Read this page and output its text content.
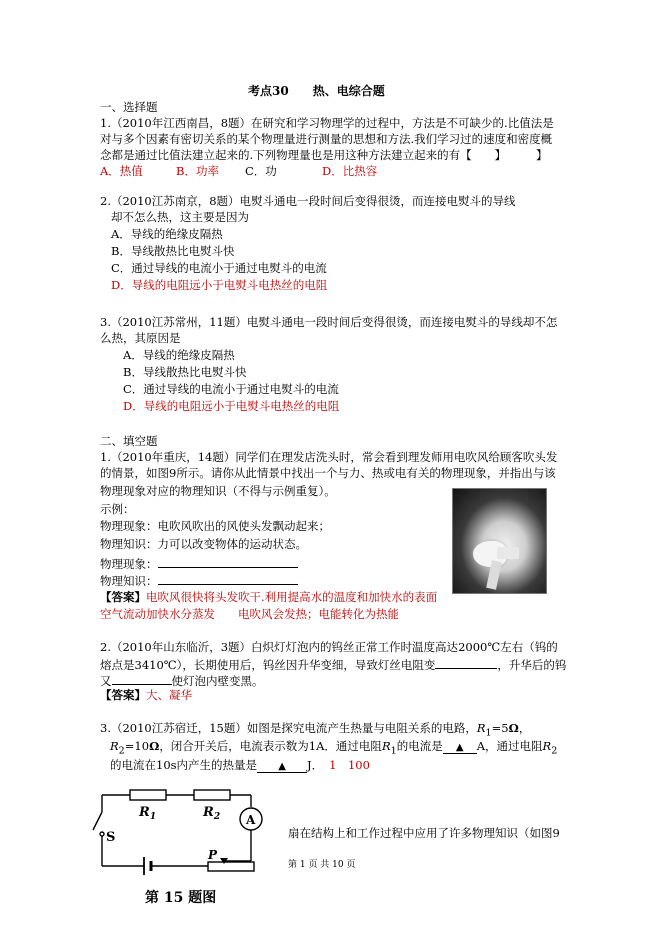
考点30　　热、电综合题
一、选择题
1.（2010年江西南昌，8题）在研究和学习物理学的过程中，方法是不可缺少的.比值法是
对与多个因素有密切关系的某个物理量进行测量的思想和方法.我们学习过的速度和密度概
念都是通过比值法建立起来的.下列物理量也是用这种方法建立起来的有【　　】	】
A．热值	B．功率 C．功	D．比热容
2.（2010江苏南京，8题）电熨斗通电一段时间后变得很烫，而连接电熨斗的导线
却不怎么热，这主要是因为
A．导线的绝缘皮隔热
B．导线散热比电熨斗快
C．通过导线的电流小于通过电熨斗的电流
D．导线的电阻远小于电熨斗电热丝的电阻
3.（2010江苏常州，11题）电熨斗通电一段时间后变得很烫，而连接电熨斗的导线却不怎
么热，其原因是
A．导线的绝缘皮隔热
B．导线散热比电熨斗快
C．通过导线的电流小于通过电熨斗的电流
D．导线的电阻远小于电熨斗电热丝的电阻
二、填空题
1.（2010年重庆，14题）同学们在理发店洗头时，常会看到理发师用电吹风给顾客吹头发
的情景，如图9所示。请你从此情景中找出一个与力、热或电有关的物理现象，并指出与该
物理现象对应的物理知识（不得与示例重复）。
示例：
物理现象：电吹风吹出的风使头发飘动起来；
物理知识：力可以改变物体的运动状态。
物理现象：
物理知识：
【答案】电吹风很快将头发吹干.利用提高水的温度和加快水的表面
空气流动加快水分蒸发　　电吹风会发热；电能转化为热能
2.（2010年山东临沂，3题）白炽灯灯泡内的钨丝正常工作时温度高达2000℃左右（钨的
熔点是3410℃），长期使用后，钨丝因升华变细，导致灯丝电阻变	，升华后的钨
又	使灯泡内壁变黑。
【答案】大、凝华
3.（2010江苏宿迁，15题）如图是探究电流产生热量与电阻关系的电路，$R_1=5\Omega$，
$R_2=10\Omega$，闭合开关后，电流表示数为1A．通过电阻$R_1$的电流是 ▲ A，通过电阻$R_2$
的电流在10s内产生的热量是 ▲ J． 1　100
$R_1$	$R_2$ A
S
P
扇在结构上和工作过程中应用了许多物理知识（如图9
第 1 页 共 10 页
第 15 题图
